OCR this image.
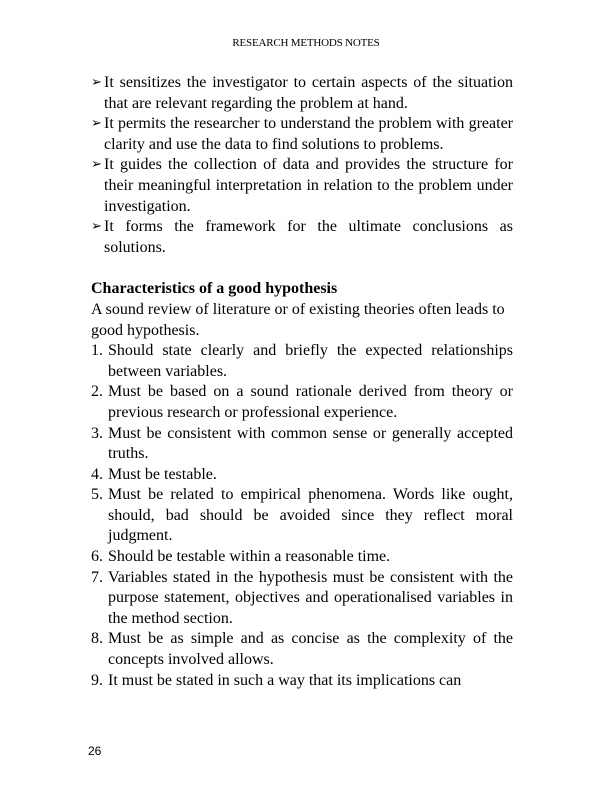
RESEARCH METHODS NOTES
➢ It sensitizes the investigator to certain aspects of the situation that are relevant regarding the problem at hand.
➢ It permits the researcher to understand the problem with greater clarity and use the data to find solutions to problems.
➢ It guides the collection of data and provides the structure for their meaningful interpretation in relation to the problem under investigation.
➢ It forms the framework for the ultimate conclusions as solutions.
Characteristics of a good hypothesis
A sound review of literature or of existing theories often leads to good hypothesis.
1. Should state clearly and briefly the expected relationships between variables.
2. Must be based on a sound rationale derived from theory or previous research or professional experience.
3. Must be consistent with common sense or generally accepted truths.
4. Must be testable.
5. Must be related to empirical phenomena. Words like ought, should, bad should be avoided since they reflect moral judgment.
6. Should be testable within a reasonable time.
7. Variables stated in the hypothesis must be consistent with the purpose statement, objectives and operationalised variables in the method section.
8. Must be as simple and as concise as the complexity of the concepts involved allows.
9. It must be stated in such a way that its implications can
26
